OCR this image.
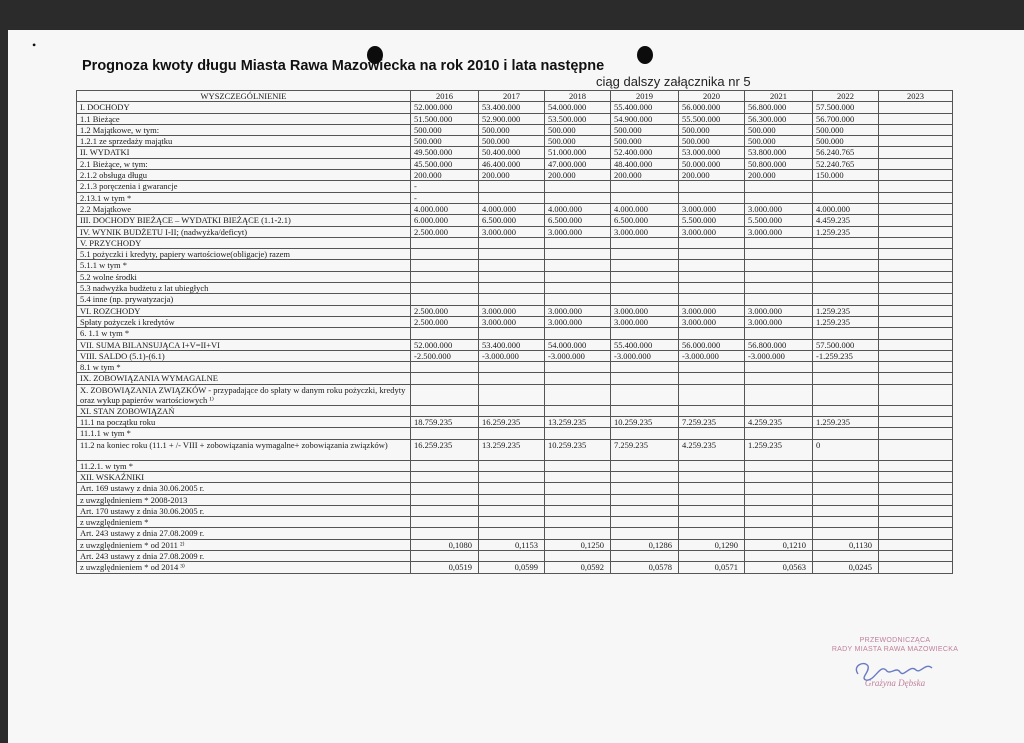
•
Prognoza kwoty długu Miasta Rawa Mazowiecka na rok 2010 i lata następne
ciąg dalszy załącznika nr 5
WYSZCZEGÓLNIENIE	2016	2017	2018	2019	2020	2021	2022	2023
I. DOCHODY	52.000.000	53.400.000	54.000.000	55.400.000	56.000.000	56.800.000	57.500.000	
1.1 Bieżące	51.500.000	52.900.000	53.500.000	54.900.000	55.500.000	56.300.000	56.700.000	
1.2 Majątkowe, w tym:	500.000	500.000	500.000	500.000	500.000	500.000	500.000	
1.2.1 ze sprzedaży majątku	500.000	500.000	500.000	500.000	500.000	500.000	500.000	
II. WYDATKI	49.500.000	50.400.000	51.000.000	52.400.000	53.000.000	53.800.000	56.240.765	
2.1 Bieżące, w tym:	45.500.000	46.400.000	47.000.000	48.400.000	50.000.000	50.800.000	52.240.765	
2.1.2 obsługa długu	200.000	200.000	200.000	200.000	200.000	200.000	150.000	
2.1.3 poręczenia i gwarancje	-							
2.13.1 w tym *	-							
2.2 Majątkowe	4.000.000	4.000.000	4.000.000	4.000.000	3.000.000	3.000.000	4.000.000	
III. DOCHODY BIEŻĄCE – WYDATKI BIEŻĄCE (1.1-2.1)	6.000.000	6.500.000	6.500.000	6.500.000	5.500.000	5.500.000	4.459.235	
IV. WYNIK BUDŻETU I-II; (nadwyżka/deficyt)	2.500.000	3.000.000	3.000.000	3.000.000	3.000.000	3.000.000	1.259.235	
V. PRZYCHODY								
5.1 pożyczki i kredyty, papiery wartościowe(obligacje) razem								
5.1.1 w tym *								
5.2 wolne środki								
5.3 nadwyżka budżetu z lat ubiegłych								
5.4 inne (np. prywatyzacja)								
VI. ROZCHODY	2.500.000	3.000.000	3.000.000	3.000.000	3.000.000	3.000.000	1.259.235	
Spłaty pożyczek i kredytów	2.500.000	3.000.000	3.000.000	3.000.000	3.000.000	3.000.000	1.259.235	
6. 1.1 w tym *								
VII. SUMA BILANSUJĄCA I+V=II+VI	52.000.000	53.400.000	54.000.000	55.400.000	56.000.000	56.800.000	57.500.000	
VIII. SALDO (5.1)-(6.1)	-2.500.000	-3.000.000	-3.000.000	-3.000.000	-3.000.000	-3.000.000	-1.259.235	
8.1 w tym *								
IX. ZOBOWIĄZANIA WYMAGALNE								
X. ZOBOWIĄZANIA ZWIĄZKÓW - przypadające do spłaty w danym roku pożyczki, kredyty oraz wykup papierów wartościowych ¹⁾								
XI. STAN ZOBOWIĄZAŃ								
11.1 na początku roku	18.759.235	16.259.235	13.259.235	10.259.235	7.259.235	4.259.235	1.259.235	
11.1.1 w tym *								
11.2 na koniec roku (11.1 + /- VIII + zobowiązania wymagalne+ zobowiązania związków)	16.259.235	13.259.235	10.259.235	7.259.235	4.259.235	1.259.235	0	
11.2.1. w tym *								
XII. WSKAŹNIKI								
Art. 169 ustawy z dnia 30.06.2005 r.								
z uwzględnieniem * 2008-2013								
Art. 170 ustawy z dnia 30.06.2005 r.								
z uwzględnieniem *								
Art. 243 ustawy z dnia 27.08.2009 r.								
z uwzględnieniem * od 2011 ²⁾	0,1080	0,1153	0,1250	0,1286	0,1290	0,1210	0,1130	
Art. 243 ustawy z dnia 27.08.2009 r.								
z uwzględnieniem * od 2014 ³⁾	0,0519	0,0599	0,0592	0,0578	0,0571	0,0563	0,0245	
PRZEWODNICZĄCA
RADY MIASTA RAWA MAZOWIECKA
Grażyna Dębska
